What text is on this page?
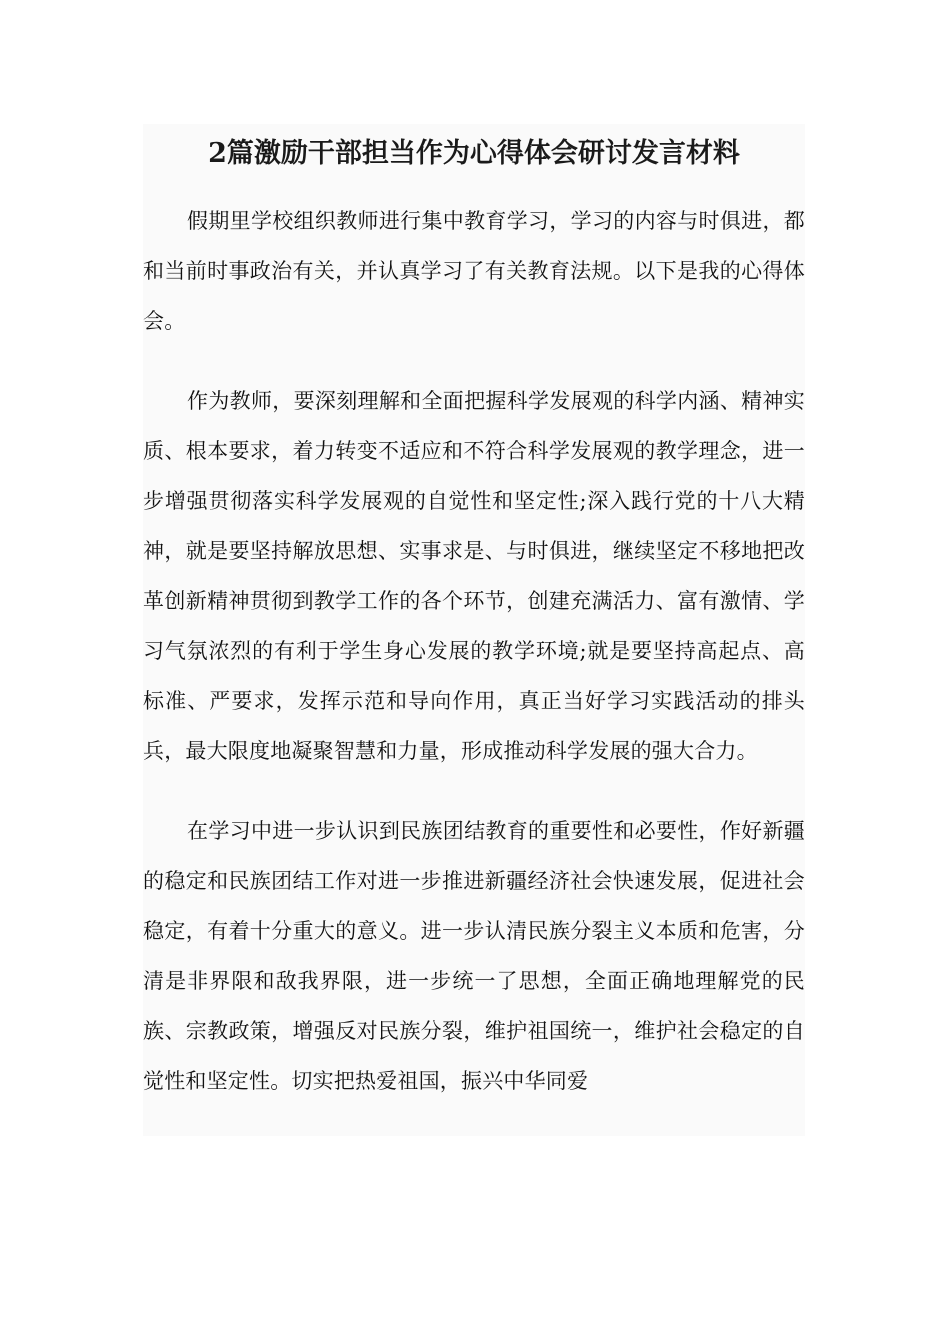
2篇激励干部担当作为心得体会研讨发言材料

假期里学校组织教师进行集中教育学习，学习的内容与时俱进，都和当前时事政治有关，并认真学习了有关教育法规。以下是我的心得体会。

作为教师，要深刻理解和全面把握科学发展观的科学内涵、精神实质、根本要求，着力转变不适应和不符合科学发展观的教学理念，进一步增强贯彻落实科学发展观的自觉性和坚定性;深入践行党的十八大精神，就是要坚持解放思想、实事求是、与时俱进，继续坚定不移地把改革创新精神贯彻到教学工作的各个环节，创建充满活力、富有激情、学习气氛浓烈的有利于学生身心发展的教学环境;就是要坚持高起点、高标准、严要求，发挥示范和导向作用，真正当好学习实践活动的排头兵，最大限度地凝聚智慧和力量，形成推动科学发展的强大合力。

在学习中进一步认识到民族团结教育的重要性和必要性，作好新疆的稳定和民族团结工作对进一步推进新疆经济社会快速发展，促进社会稳定，有着十分重大的意义。进一步认清民族分裂主义本质和危害，分清是非界限和敌我界限，进一步统一了思想，全面正确地理解党的民族、宗教政策，增强反对民族分裂，维护祖国统一，维护社会稳定的自觉性和坚定性。切实把热爱祖国，振兴中华同爱
